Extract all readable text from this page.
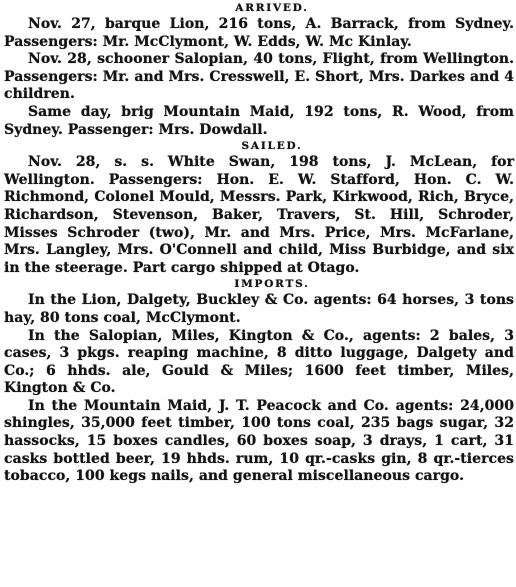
ARRIVED.

Nov. 27, barque Lion, 216 tons, A. Barrack, from Sydney. Passengers: Mr. McClymont, W. Edds, W. Mc Kinlay.

Nov. 28, schooner Salopian, 40 tons, Flight, from Wellington. Passengers: Mr. and Mrs. Cresswell, E. Short, Mrs. Darkes and 4 children.

Same day, brig Mountain Maid, 192 tons, R. Wood, from Sydney. Passenger: Mrs. Dowdall.

SAILED.

Nov. 28, s. s. White Swan, 198 tons, J. McLean, for Wellington. Passengers: Hon. E. W. Stafford, Hon. C. W. Richmond, Colonel Mould, Messrs. Park, Kirkwood, Rich, Bryce, Richardson, Stevenson, Baker, Travers, St. Hill, Schroder, Misses Schroder (two), Mr. and Mrs. Price, Mrs. McFarlane, Mrs. Langley, Mrs. O'Connell and child, Miss Burbidge, and six in the steerage. Part cargo shipped at Otago.

IMPORTS.

In the Lion, Dalgety, Buckley & Co. agents: 64 horses, 3 tons hay, 80 tons coal, McClymont.

In the Salopian, Miles, Kington & Co., agents: 2 bales, 3 cases, 3 pkgs. reaping machine, 8 ditto luggage, Dalgety and Co.; 6 hhds. ale, Gould & Miles; 1600 feet timber, Miles, Kington & Co.

In the Mountain Maid, J. T. Peacock and Co. agents: 24,000 shingles, 35,000 feet timber, 100 tons coal, 235 bags sugar, 32 hassocks, 15 boxes candles, 60 boxes soap, 3 drays, 1 cart, 31 casks bottled beer, 19 hhds. rum, 10 qr.-casks gin, 8 qr.-tierces tobacco, 100 kegs nails, and general miscellaneous cargo.
